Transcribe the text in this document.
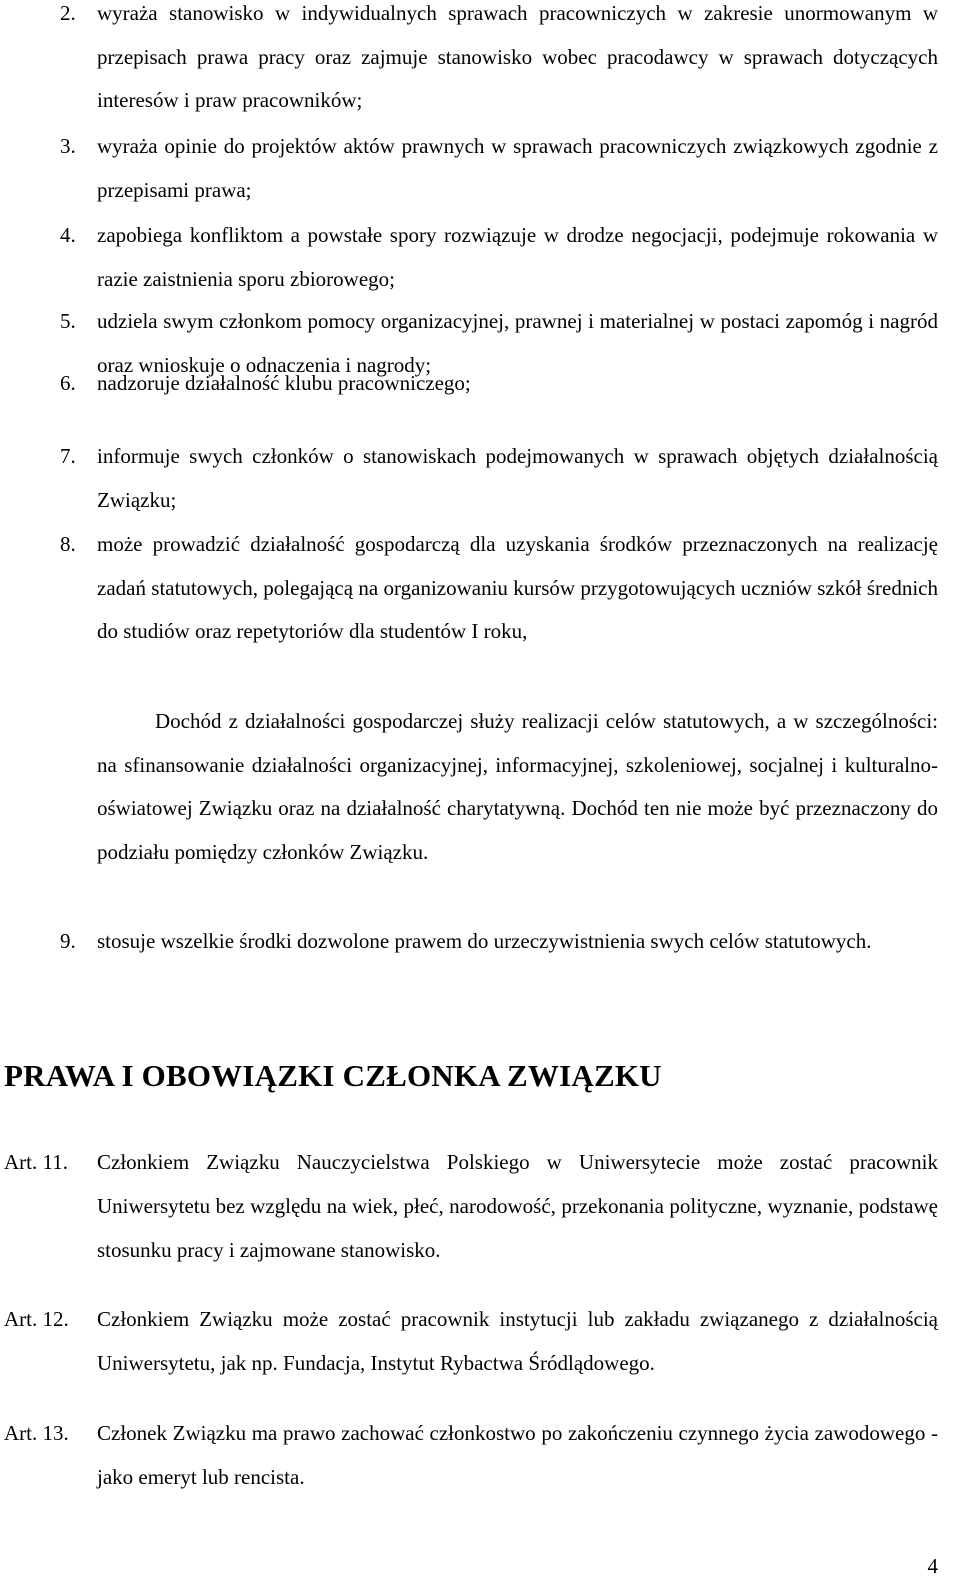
2. wyraża stanowisko w indywidualnych sprawach pracowniczych w zakresie unormowanym w przepisach prawa pracy oraz zajmuje stanowisko wobec pracodawcy w sprawach dotyczących interesów i praw pracowników;
3. wyraża opinie do projektów aktów prawnych w sprawach pracowniczych związkowych zgodnie z przepisami prawa;
4. zapobiega konfliktom a powstałe spory rozwiązuje w drodze negocjacji, podejmuje rokowania w razie zaistnienia sporu zbiorowego;
5. udziela swym członkom pomocy organizacyjnej, prawnej i materialnej w postaci zapomóg i nagród oraz wnioskuje o odnaczenia i nagrody;
6. nadzoruje działalność klubu pracowniczego;
7. informuje swych członków o stanowiskach podejmowanych w sprawach objętych działalnością Związku;
8. może prowadzić działalność gospodarczą dla uzyskania środków przeznaczonych na realizację zadań statutowych, polegającą na organizowaniu kursów przygotowujących uczniów szkół średnich do studiów oraz repetytoriów dla studentów I roku,
Dochód z działalności gospodarczej służy realizacji celów statutowych, a w szczególności: na sfinansowanie działalności organizacyjnej, informacyjnej, szkoleniowej, socjalnej i kulturalno-oświatowej Związku oraz na działalność charytatywną. Dochód ten nie może być przeznaczony do podziału pomiędzy członków Związku.
9. stosuje wszelkie środki dozwolone prawem do urzeczywistnienia swych celów statutowych.
PRAWA I OBOWIĄZKI CZŁONKA ZWIĄZKU
Art. 11. Członkiem Związku Nauczycielstwa Polskiego w Uniwersytecie może zostać pracownik Uniwersytetu bez względu na wiek, płeć, narodowość, przekonania polityczne, wyznanie, podstawę stosunku pracy i zajmowane stanowisko.
Art. 12. Członkiem Związku może zostać pracownik instytucji lub zakładu związanego z działalnością Uniwersytetu, jak np. Fundacja, Instytut Rybactwa Śródlądowego.
Art. 13. Członek Związku ma prawo zachować członkostwo po zakończeniu czynnego życia zawodowego - jako emeryt lub rencista.
4
